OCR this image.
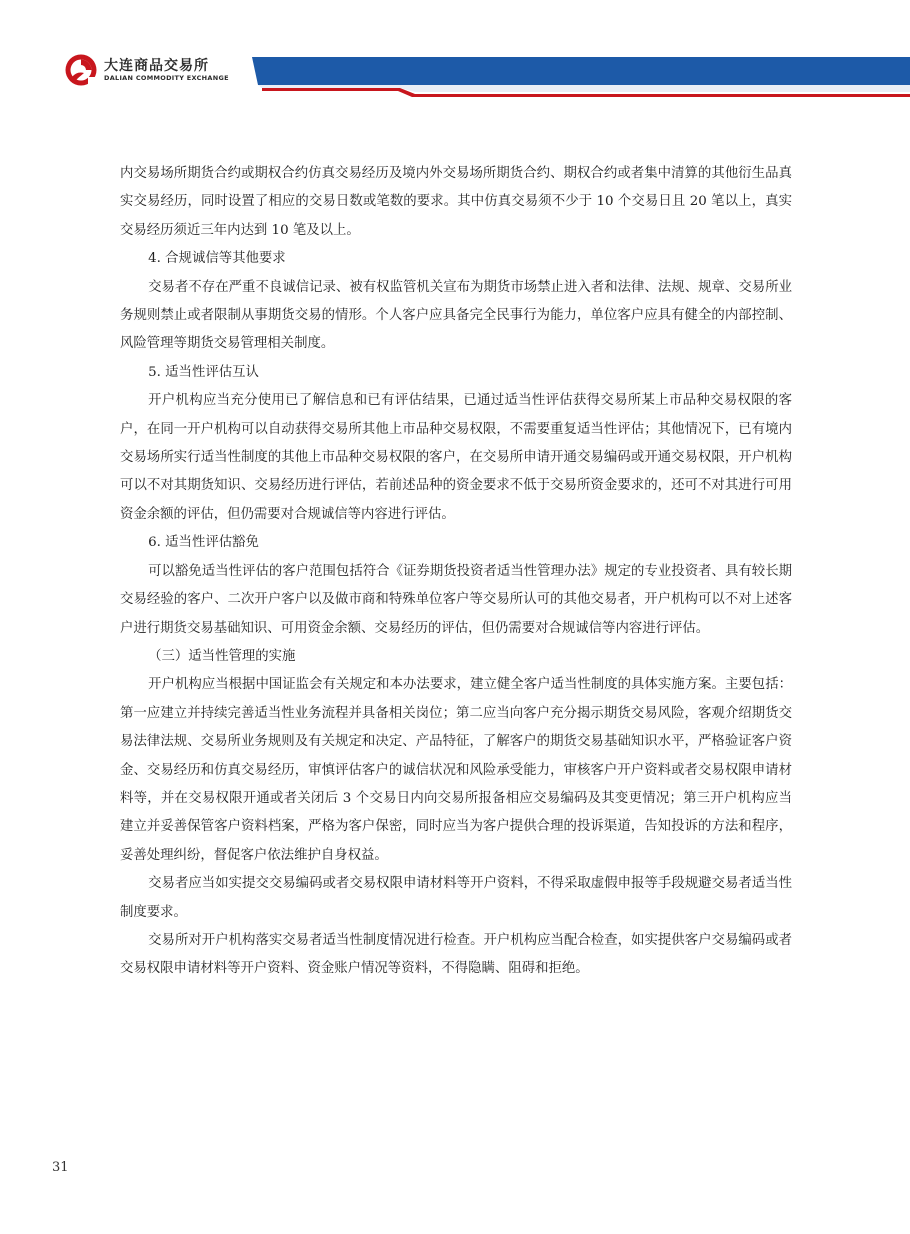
大连商品交易所
DALIAN COMMODITY EXCHANGE

内交易场所期货合约或期权合约仿真交易经历及境内外交易场所期货合约、期权合约或者集中清算的其他衍生品真实交易经历，同时设置了相应的交易日数或笔数的要求。其中仿真交易须不少于 10 个交易日且 20 笔以上，真实交易经历须近三年内达到 10 笔及以上。

4. 合规诚信等其他要求

交易者不存在严重不良诚信记录、被有权监管机关宣布为期货市场禁止进入者和法律、法规、规章、交易所业务规则禁止或者限制从事期货交易的情形。个人客户应具备完全民事行为能力，单位客户应具有健全的内部控制、风险管理等期货交易管理相关制度。

5. 适当性评估互认

开户机构应当充分使用已了解信息和已有评估结果，已通过适当性评估获得交易所某上市品种交易权限的客户，在同一开户机构可以自动获得交易所其他上市品种交易权限，不需要重复适当性评估；其他情况下，已有境内交易场所实行适当性制度的其他上市品种交易权限的客户，在交易所申请开通交易编码或开通交易权限，开户机构可以不对其期货知识、交易经历进行评估，若前述品种的资金要求不低于交易所资金要求的，还可不对其进行可用资金余额的评估，但仍需要对合规诚信等内容进行评估。

6. 适当性评估豁免

可以豁免适当性评估的客户范围包括符合《证券期货投资者适当性管理办法》规定的专业投资者、具有较长期交易经验的客户、二次开户客户以及做市商和特殊单位客户等交易所认可的其他交易者，开户机构可以不对上述客户进行期货交易基础知识、可用资金余额、交易经历的评估，但仍需要对合规诚信等内容进行评估。

（三）适当性管理的实施

开户机构应当根据中国证监会有关规定和本办法要求，建立健全客户适当性制度的具体实施方案。主要包括：第一应建立并持续完善适当性业务流程并具备相关岗位；第二应当向客户充分揭示期货交易风险，客观介绍期货交易法律法规、交易所业务规则及有关规定和决定、产品特征，了解客户的期货交易基础知识水平，严格验证客户资金、交易经历和仿真交易经历，审慎评估客户的诚信状况和风险承受能力，审核客户开户资料或者交易权限申请材料等，并在交易权限开通或者关闭后 3 个交易日内向交易所报备相应交易编码及其变更情况；第三开户机构应当建立并妥善保管客户资料档案，严格为客户保密，同时应当为客户提供合理的投诉渠道，告知投诉的方法和程序，妥善处理纠纷，督促客户依法维护自身权益。

交易者应当如实提交交易编码或者交易权限申请材料等开户资料，不得采取虚假申报等手段规避交易者适当性制度要求。

交易所对开户机构落实交易者适当性制度情况进行检查。开户机构应当配合检查，如实提供客户交易编码或者交易权限申请材料等开户资料、资金账户情况等资料，不得隐瞒、阻碍和拒绝。

31
